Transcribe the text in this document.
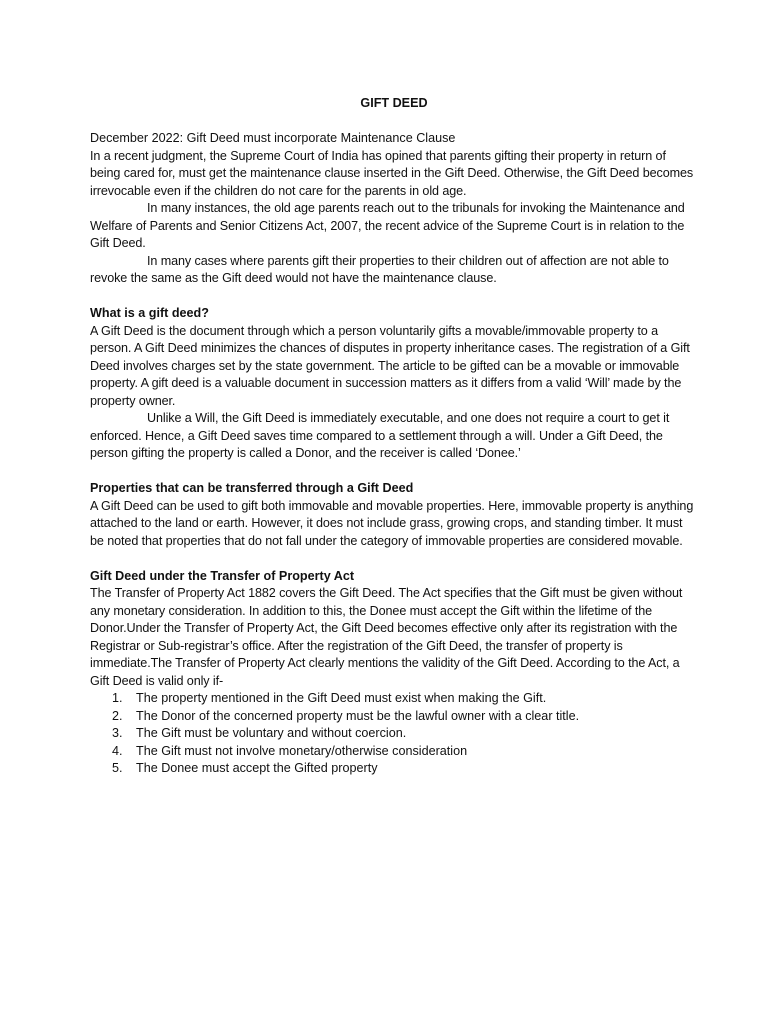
GIFT DEED
December 2022: Gift Deed must incorporate Maintenance Clause

In a recent judgment, the Supreme Court of India has opined that parents gifting their property in return of being cared for, must get the maintenance clause inserted in the Gift Deed. Otherwise, the Gift Deed becomes irrevocable even if the children do not care for the parents in old age.

In many instances, the old age parents reach out to the tribunals for invoking the Maintenance and Welfare of Parents and Senior Citizens Act, 2007, the recent advice of the Supreme Court is in relation to the Gift Deed.

In many cases where parents gift their properties to their children out of affection are not able to revoke the same as the Gift deed would not have the maintenance clause.

What is a gift deed?

A Gift Deed is the document through which a person voluntarily gifts a movable/immovable property to a person. A Gift Deed minimizes the chances of disputes in property inheritance cases. The registration of a Gift Deed involves charges set by the state government. The article to be gifted can be a movable or immovable property. A gift deed is a valuable document in succession matters as it differs from a valid ‘Will’ made by the property owner.

Unlike a Will, the Gift Deed is immediately executable, and one does not require a court to get it enforced. Hence, a Gift Deed saves time compared to a settlement through a will. Under a Gift Deed, the person gifting the property is called a Donor, and the receiver is called ‘Donee.’

Properties that can be transferred through a Gift Deed

A Gift Deed can be used to gift both immovable and movable properties. Here, immovable property is anything attached to the land or earth. However, it does not include grass, growing crops, and standing timber. It must be noted that properties that do not fall under the category of immovable properties are considered movable.

Gift Deed under the Transfer of Property Act

The Transfer of Property Act 1882 covers the Gift Deed. The Act specifies that the Gift must be given without any monetary consideration. In addition to this, the Donee must accept the Gift within the lifetime of the Donor.Under the Transfer of Property Act, the Gift Deed becomes effective only after its registration with the Registrar or Sub-registrar’s office. After the registration of the Gift Deed, the transfer of property is immediate.The Transfer of Property Act clearly mentions the validity of the Gift Deed. According to the Act, a Gift Deed is valid only if-

1. The property mentioned in the Gift Deed must exist when making the Gift.
2. The Donor of the concerned property must be the lawful owner with a clear title.
3. The Gift must be voluntary and without coercion.
4. The Gift must not involve monetary/otherwise consideration
5. The Donee must accept the Gifted property
